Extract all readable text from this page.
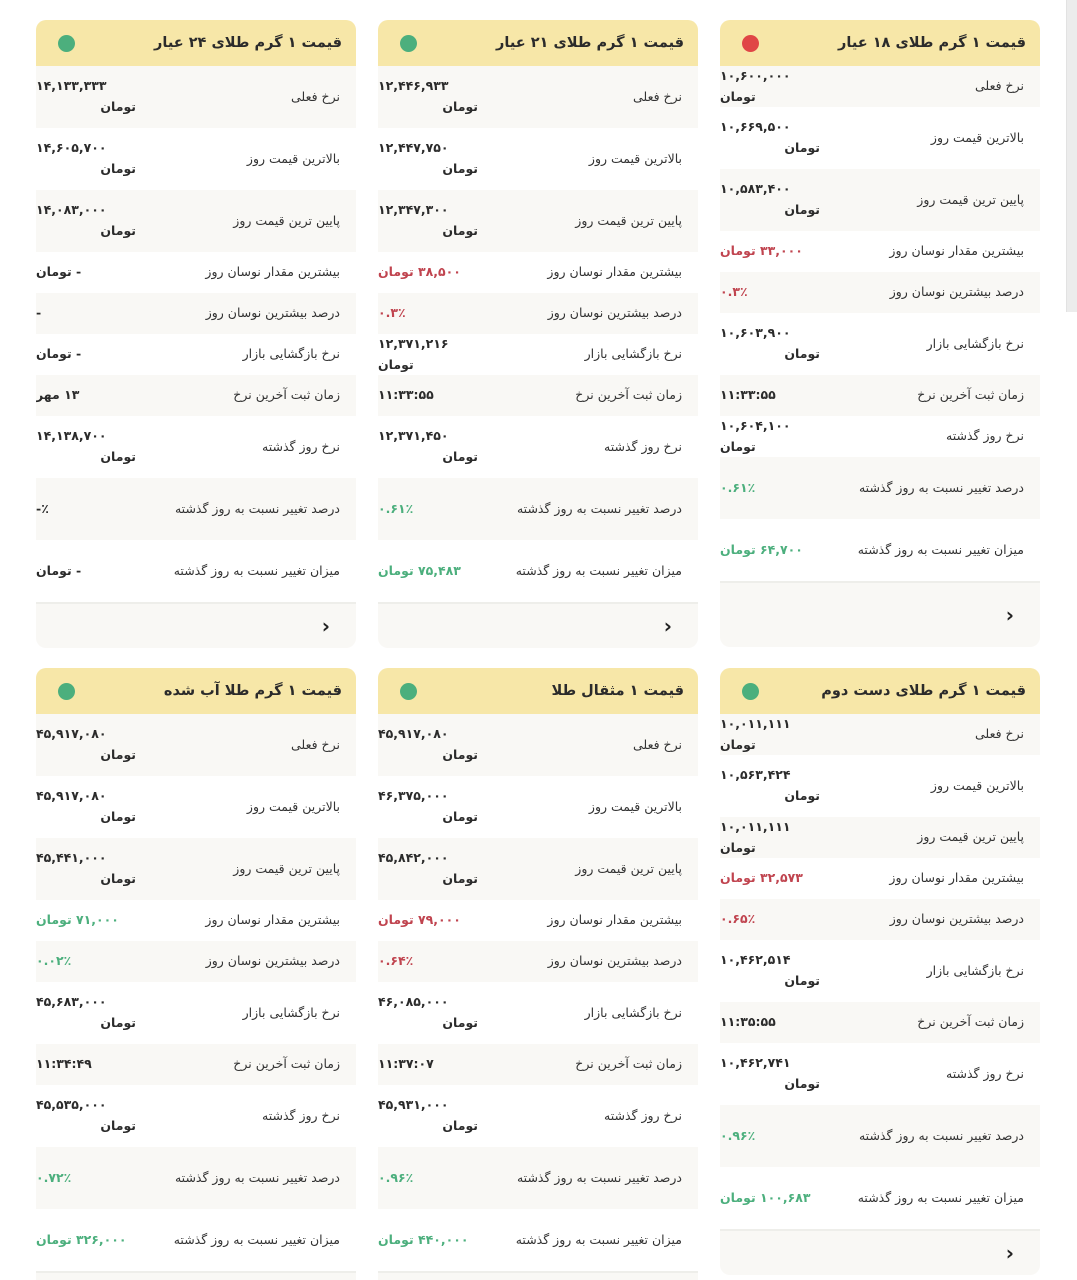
قیمت ۱ گرم طلای ۱۸ عیار
نرخ فعلی
۱۰,۶۰۰,۰۰۰ تومان
بالاترین قیمت روز
۱۰,۶۶۹,۵۰۰
تومان
پایین ترین قیمت روز
۱۰,۵۸۳,۴۰۰
تومان
بیشترین مقدار نوسان روز
۳۳,۰۰۰ تومان
درصد بیشترین نوسان روز
۰.۳٪
نرخ بازگشایی بازار
۱۰,۶۰۳,۹۰۰
تومان
زمان ثبت آخرین نرخ
۱۱:۳۳:۵۵
نرخ روز گذشته
۱۰,۶۰۴,۱۰۰ تومان
درصد تغییر نسبت به روز گذشته
۰.۶۱٪
میزان تغییر نسبت به روز گذشته
۶۴,۷۰۰ تومان
‹
قیمت ۱ گرم طلای ۲۱ عیار
نرخ فعلی
۱۲,۴۴۶,۹۳۳
تومان
بالاترین قیمت روز
۱۲,۴۴۷,۷۵۰
تومان
پایین ترین قیمت روز
۱۲,۳۴۷,۳۰۰
تومان
بیشترین مقدار نوسان روز
۳۸,۵۰۰ تومان
درصد بیشترین نوسان روز
۰.۳٪
نرخ بازگشایی بازار
۱۲,۳۷۱,۲۱۶ تومان
زمان ثبت آخرین نرخ
۱۱:۳۳:۵۵
نرخ روز گذشته
۱۲,۳۷۱,۴۵۰
تومان
درصد تغییر نسبت به روز گذشته
۰.۶۱٪
میزان تغییر نسبت به روز گذشته
۷۵,۴۸۳ تومان
‹
قیمت ۱ گرم طلای ۲۴ عیار
نرخ فعلی
۱۴,۱۳۳,۳۳۳
تومان
بالاترین قیمت روز
۱۴,۶۰۵,۷۰۰
تومان
پایین ترین قیمت روز
۱۴,۰۸۳,۰۰۰
تومان
بیشترین مقدار نوسان روز
- تومان
درصد بیشترین نوسان روز
-
نرخ بازگشایی بازار
- تومان
زمان ثبت آخرین نرخ
۱۳ مهر
نرخ روز گذشته
۱۴,۱۳۸,۷۰۰
تومان
درصد تغییر نسبت به روز گذشته
٪-
میزان تغییر نسبت به روز گذشته
- تومان
‹
قیمت ۱ گرم طلای دست دوم
نرخ فعلی
۱۰,۰۱۱,۱۱۱ تومان
بالاترین قیمت روز
۱۰,۵۶۳,۴۲۴
تومان
پایین ترین قیمت روز
۱۰,۰۱۱,۱۱۱ تومان
بیشترین مقدار نوسان روز
۳۲,۵۷۳ تومان
درصد بیشترین نوسان روز
۰.۶۵٪
نرخ بازگشایی بازار
۱۰,۴۶۲,۵۱۴
تومان
زمان ثبت آخرین نرخ
۱۱:۳۵:۵۵
نرخ روز گذشته
۱۰,۴۶۲,۷۴۱
تومان
درصد تغییر نسبت به روز گذشته
۰.۹۶٪
میزان تغییر نسبت به روز گذشته
۱۰۰,۶۸۳ تومان
‹
قیمت ۱ مثقال طلا
نرخ فعلی
۴۵,۹۱۷,۰۸۰
تومان
بالاترین قیمت روز
۴۶,۳۷۵,۰۰۰
تومان
پایین ترین قیمت روز
۴۵,۸۴۲,۰۰۰
تومان
بیشترین مقدار نوسان روز
۷۹,۰۰۰ تومان
درصد بیشترین نوسان روز
۰.۶۴٪
نرخ بازگشایی بازار
۴۶,۰۸۵,۰۰۰
تومان
زمان ثبت آخرین نرخ
۱۱:۳۷:۰۷
نرخ روز گذشته
۴۵,۹۳۱,۰۰۰
تومان
درصد تغییر نسبت به روز گذشته
۰.۹۶٪
میزان تغییر نسبت به روز گذشته
۴۴۰,۰۰۰ تومان
قیمت ۱ گرم طلا آب شده
نرخ فعلی
۴۵,۹۱۷,۰۸۰
تومان
بالاترین قیمت روز
۴۵,۹۱۷,۰۸۰
تومان
پایین ترین قیمت روز
۴۵,۴۴۱,۰۰۰
تومان
بیشترین مقدار نوسان روز
۷۱,۰۰۰ تومان
درصد بیشترین نوسان روز
۰.۰۲٪
نرخ بازگشایی بازار
۴۵,۶۸۳,۰۰۰
تومان
زمان ثبت آخرین نرخ
۱۱:۳۴:۴۹
نرخ روز گذشته
۴۵,۵۳۵,۰۰۰
تومان
درصد تغییر نسبت به روز گذشته
۰.۷۲٪
میزان تغییر نسبت به روز گذشته
۳۲۶,۰۰۰ تومان
